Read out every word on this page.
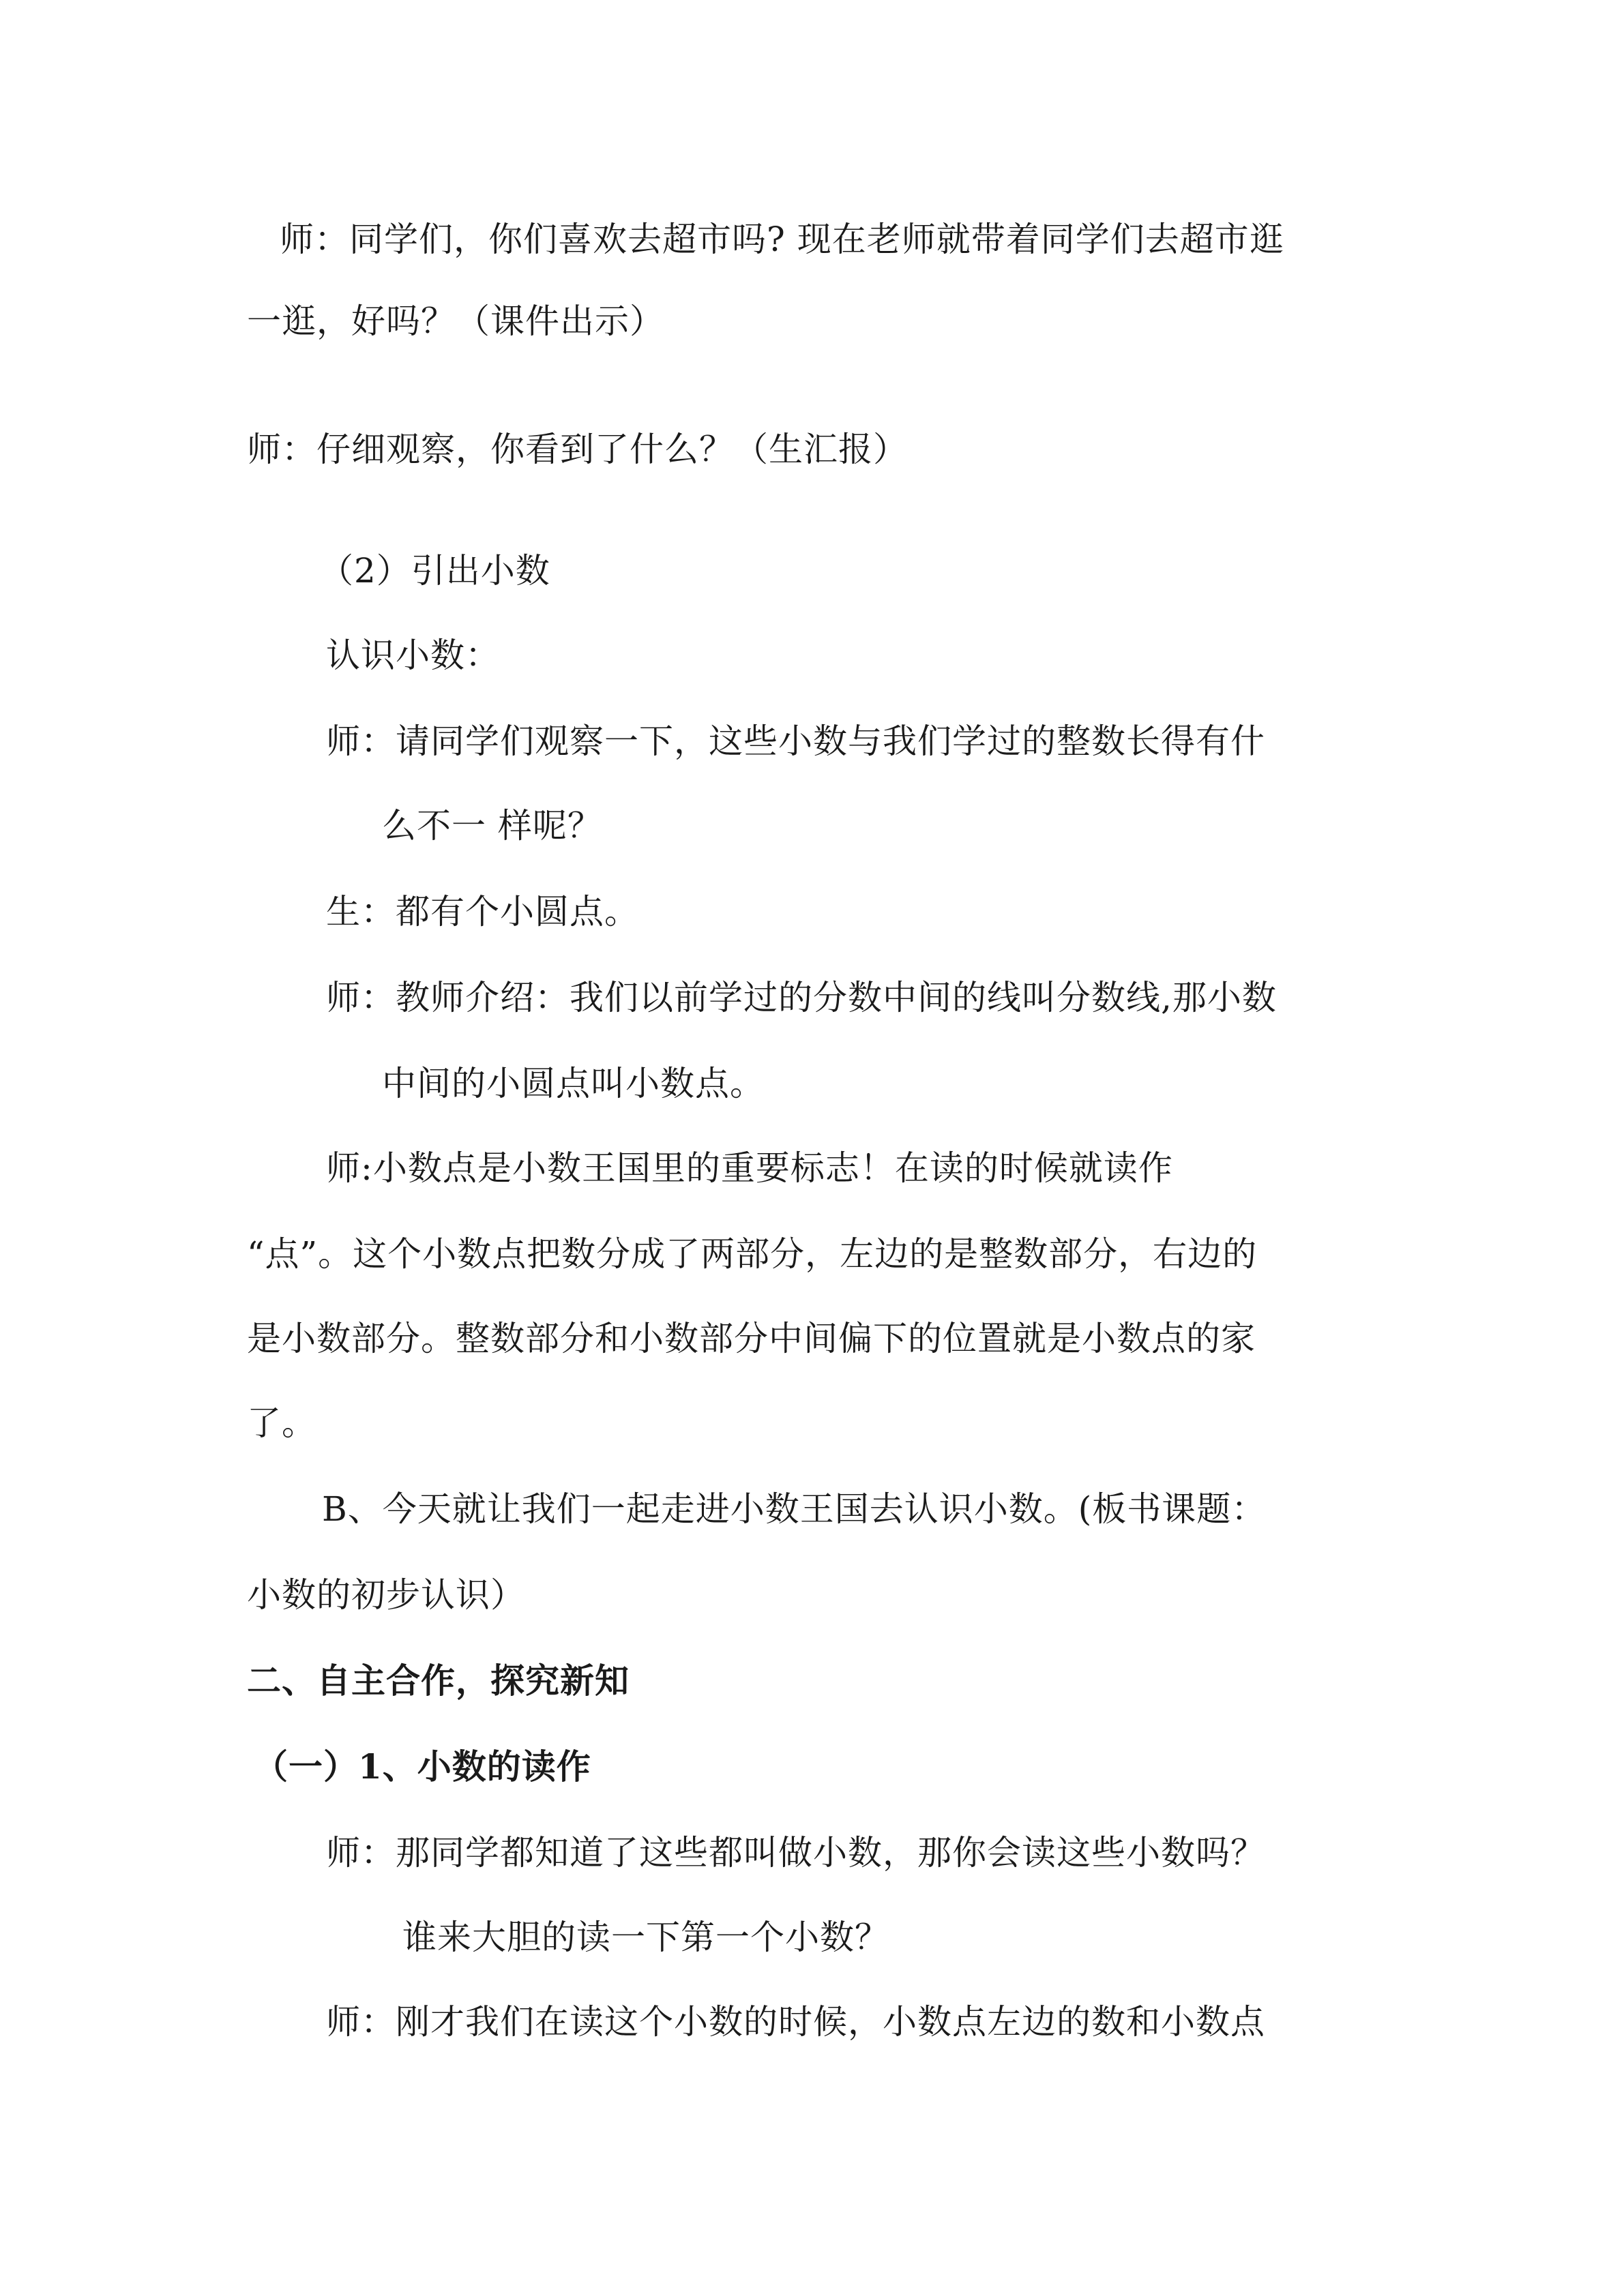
师：同学们，你们喜欢去超市吗? 现在老师就带着同学们去超市逛
一逛，好吗？（课件出示）
师：仔细观察，你看到了什么？（生汇报）
（2）引出小数
认识小数：
师：请同学们观察一下，这些小数与我们学过的整数长得有什
么不一 样呢？
生：都有个小圆点。
师：教师介绍：我们以前学过的分数中间的线叫分数线,那小数
中间的小圆点叫小数点。
师:小数点是小数王国里的重要标志！在读的时候就读作
“点”。这个小数点把数分成了两部分，左边的是整数部分，右边的
是小数部分。整数部分和小数部分中间偏下的位置就是小数点的家
了。
B、今天就让我们一起走进小数王国去认识小数。(板书课题：
小数的初步认识）
二、自主合作，探究新知
（一）1、小数的读作
师：那同学都知道了这些都叫做小数，那你会读这些小数吗？
谁来大胆的读一下第一个小数？
师：刚才我们在读这个小数的时候，小数点左边的数和小数点
